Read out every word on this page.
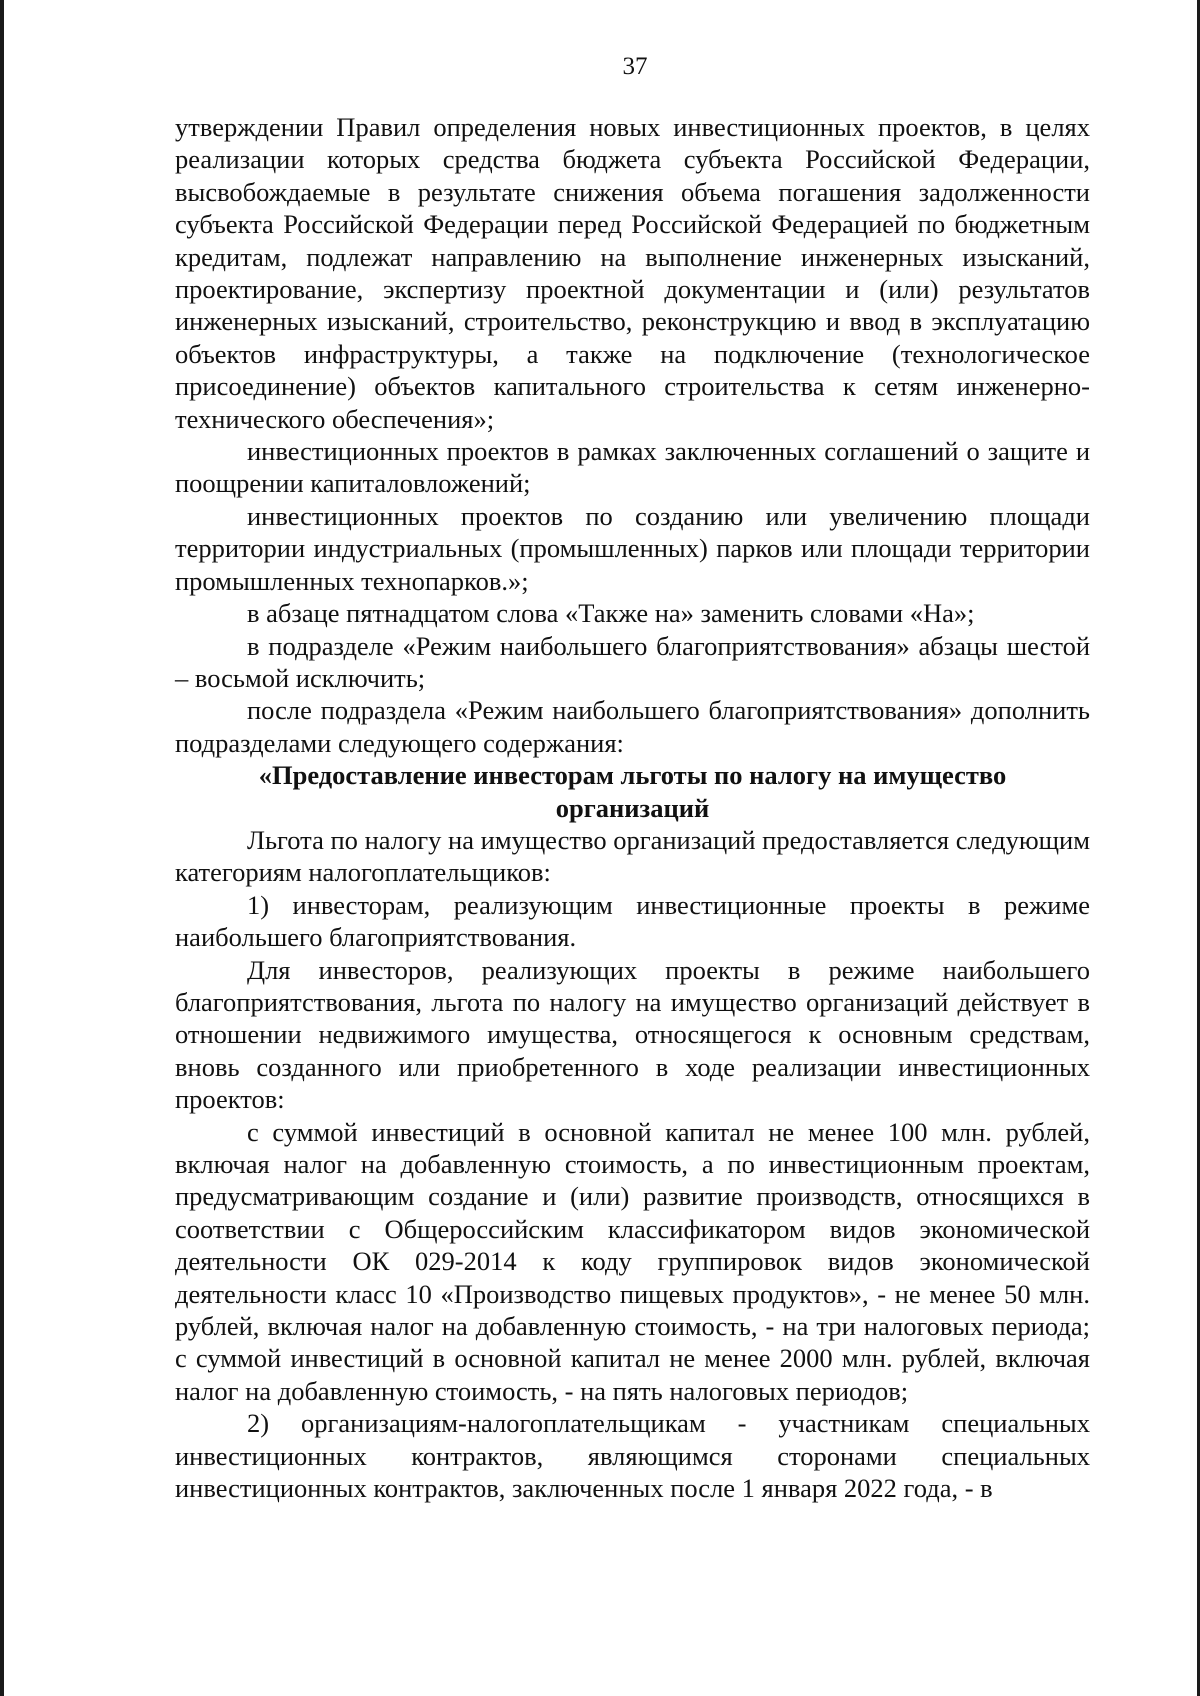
37

утверждении Правил определения новых инвестиционных проектов, в целях реализации которых средства бюджета субъекта Российской Федерации, высвобождаемые в результате снижения объема погашения задолженности субъекта Российской Федерации перед Российской Федерацией по бюджетным кредитам, подлежат направлению на выполнение инженерных изысканий, проектирование, экспертизу проектной документации и (или) результатов инженерных изысканий, строительство, реконструкцию и ввод в эксплуатацию объектов инфраструктуры, а также на подключение (технологическое присоединение) объектов капитального строительства к сетям инженерно-технического обеспечения»;

инвестиционных проектов в рамках заключенных соглашений о защите и поощрении капиталовложений;

инвестиционных проектов по созданию или увеличению площади территории индустриальных (промышленных) парков или площади территории промышленных технопарков.»;

в абзаце пятнадцатом слова «Также на» заменить словами «На»;

в подразделе «Режим наибольшего благоприятствования» абзацы шестой – восьмой исключить;

после подраздела «Режим наибольшего благоприятствования» дополнить подразделами следующего содержания:

«Предоставление инвесторам льготы по налогу на имущество организаций

Льгота по налогу на имущество организаций предоставляется следующим категориям налогоплательщиков:

1) инвесторам, реализующим инвестиционные проекты в режиме наибольшего благоприятствования.

Для инвесторов, реализующих проекты в режиме наибольшего благоприятствования, льгота по налогу на имущество организаций действует в отношении недвижимого имущества, относящегося к основным средствам, вновь созданного или приобретенного в ходе реализации инвестиционных проектов:

с суммой инвестиций в основной капитал не менее 100 млн. рублей, включая налог на добавленную стоимость, а по инвестиционным проектам, предусматривающим создание и (или) развитие производств, относящихся в соответствии с Общероссийским классификатором видов экономической деятельности ОК 029-2014 к коду группировок видов экономической деятельности класс 10 «Производство пищевых продуктов», - не менее 50 млн. рублей, включая налог на добавленную стоимость, - на три налоговых периода; с суммой инвестиций в основной капитал не менее 2000 млн. рублей, включая налог на добавленную стоимость, - на пять налоговых периодов;

2) организациям-налогоплательщикам - участникам специальных инвестиционных контрактов, являющимся сторонами специальных инвестиционных контрактов, заключенных после 1 января 2022 года, - в
